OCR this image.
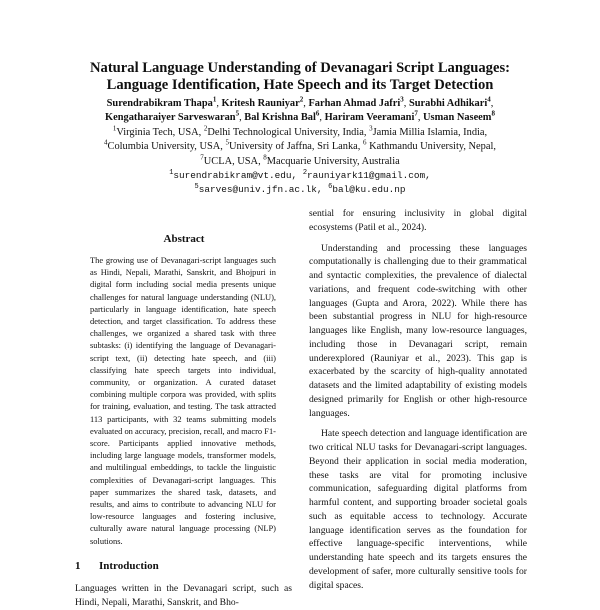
Natural Language Understanding of Devanagari Script Languages:
Language Identification, Hate Speech and its Target Detection
Surendrabikram Thapa$^1$, Kritesh Rauniyar$^2$, Farhan Ahmad Jafri$^3$, Surabhi Adhikari$^4$,
Kengatharaiyer Sarveswaran$^5$, Bal Krishna Bal$^6$, Hariram Veeramani$^7$, Usman Naseem$^8$
$^1$Virginia Tech, USA, $^2$Delhi Technological University, India, $^3$Jamia Millia Islamia, India,
$^4$Columbia University, USA, $^5$University of Jaffna, Sri Lanka, $^6$ Kathmandu University, Nepal,
$^7$UCLA, USA, $^8$Macquarie University, Australia
$^1$surendrabikram@vt.edu, $^2$rauniyark11@gmail.com,
$^5$sarves@univ.jfn.ac.lk, $^6$bal@ku.edu.np
Abstract
The growing use of Devanagari-script languages such as Hindi, Nepali, Marathi, Sanskrit, and Bhojpuri in digital form including social media presents unique challenges for natural language understanding (NLU), particularly in language identification, hate speech detection, and target classification. To address these challenges, we organized a shared task with three subtasks: (i) identifying the language of Devanagari-script text, (ii) detecting hate speech, and (iii) classifying hate speech targets into individual, community, or organization. A curated dataset combining multiple corpora was provided, with splits for training, evaluation, and testing. The task attracted 113 participants, with 32 teams submitting models evaluated on accuracy, precision, recall, and macro F1-score. Participants applied innovative methods, including large language models, transformer models, and multilingual embeddings, to tackle the linguistic complexities of Devanagari-script languages. This paper summarizes the shared task, datasets, and results, and aims to contribute to advancing NLU for low-resource languages and fostering inclusive, culturally aware natural language processing (NLP) solutions.
1 Introduction
Languages written in the Devanagari script, such as Hindi, Nepali, Marathi, Sanskrit, and Bho-

sential for ensuring inclusivity in global digital ecosystems (Patil et al., 2024).

Understanding and processing these languages computationally is challenging due to their grammatical and syntactic complexities, the prevalence of dialectal variations, and frequent code-switching with other languages (Gupta and Arora, 2022). While there has been substantial progress in NLU for high-resource languages like English, many low-resource languages, including those in Devanagari script, remain underexplored (Rauniyar et al., 2023). This gap is exacerbated by the scarcity of high-quality annotated datasets and the limited adaptability of existing models designed primarily for English or other high-resource languages.

Hate speech detection and language identification are two critical NLU tasks for Devanagari-script languages. Beyond their application in social media moderation, these tasks are vital for promoting inclusive communication, safeguarding digital platforms from harmful content, and supporting broader societal goals such as equitable access to technology. Accurate language identification serves as the foundation for effective language-specific interventions, while understanding hate speech and its targets ensures the development of safer, more culturally sensitive tools for digital spaces.
